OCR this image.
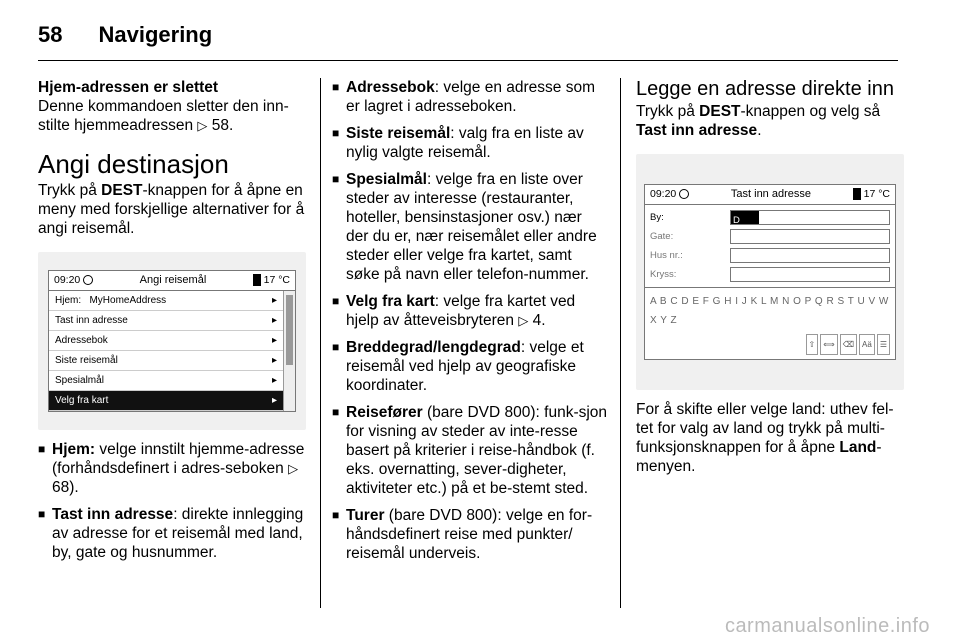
58 Navigering
Hjem-adressen er slettet

Denne kommandoen sletter den inn-
stilte hjemmeadressen ▷ 58.

Angi destinasjon

Trykk på DEST-knappen for å åpne en meny med forskjellige alternativer for å angi reisemål.

09:20	Angi reisemål	17 °C
Hjem: MyHomeAddress	▸
Tast inn adresse	▸
Adressebok	▸
Siste reisemål	▸
Spesialmål	▸
Velg fra kart	▸
■ Hjem: velge innstilt hjemme-adresse (forhåndsdefinert i adres-seboken ▷ 68).
■ Tast inn adresse: direkte innlegging av adresse for et reisemål med land, by, gate og husnummer.
■ Adressebok: velge en adresse som er lagret i adresseboken.
■ Siste reisemål: valg fra en liste av nylig valgte reisemål.
■ Spesialmål: velge fra en liste over steder av interesse (restauranter, hoteller, bensinstasjoner osv.) nær der du er, nær reisemålet eller andre steder eller velge fra kartet, samt søke på navn eller telefon-nummer.
■ Velg fra kart: velge fra kartet ved hjelp av åtteveisbryteren ▷ 4.
■ Breddegrad/lengdegrad: velge et reisemål ved hjelp av geografiske koordinater.
■ Reisefører (bare DVD 800): funk-sjon for visning av steder av inte-resse basert på kriterier i reise-håndbok (f. eks. overnatting, sever-digheter, aktiviteter etc.) på et be-stemt sted.
■ Turer (bare DVD 800): velge en for-håndsdefinert reise med punkter/ reisemål underveis.
Legge en adresse direkte inn

Trykk på DEST-knappen og velg så Tast inn adresse.

09:20	Tast inn adresse	17 °C
By:	D
Gate:
Hus nr.:
Kryss:
A B C D E F G H I J K L M N O P Q R S T U V W X Y Z
⇧	⟺	⌫	Aä	☰

For å skifte eller velge land: uthev fel-tet for valg av land og trykk på multi-funksjonsknappen for å åpne Land-menyen.

carmanualsonline.info
